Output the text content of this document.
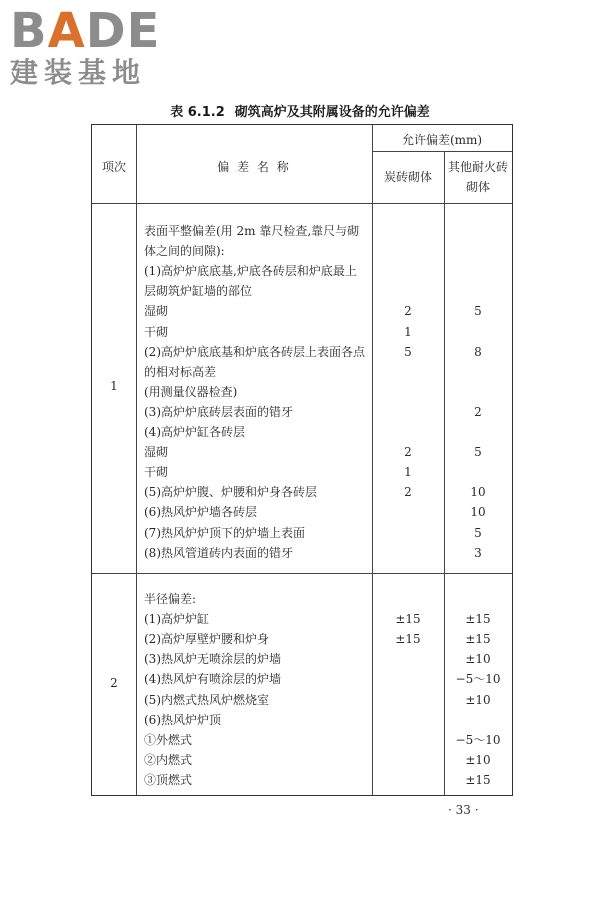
BADE
建装基地
表 6.1.2 砌筑高炉及其附属设备的允许偏差
项次	偏 差 名 称
允许偏差(mm)
炭砖砌体
其他耐火砖
砌体
1
表面平整偏差(用 2m 靠尺检查,靠尺与砌
体之间的间隙):
(1)高炉炉底底基,炉底各砖层和炉底最上
层砌筑炉缸墙的部位
湿砌
干砌
(2)高炉炉底底基和炉底各砖层上表面各点
的相对标高差
(用测量仪器检查)
(3)高炉炉底砖层表面的错牙
(4)高炉炉缸各砖层
湿砌
干砌
(5)高炉炉腹、炉腰和炉身各砖层
(6)热风炉炉墙各砖层
(7)热风炉炉顶下的炉墙上表面
(8)热风管道砖内表面的错牙
2
1
5
2
1
2
5
8
2
5
10
10
5
3
2
半径偏差:
(1)高炉炉缸
(2)高炉厚壁炉腰和炉身
(3)热风炉无喷涂层的炉墙
(4)热风炉有喷涂层的炉墙
(5)内燃式热风炉燃烧室
(6)热风炉炉顶
①外燃式
②内燃式
③顶燃式
±15
±15
±15
±15
±10
−5～10
±10
−5～10
±10
±15
· 33 ·
